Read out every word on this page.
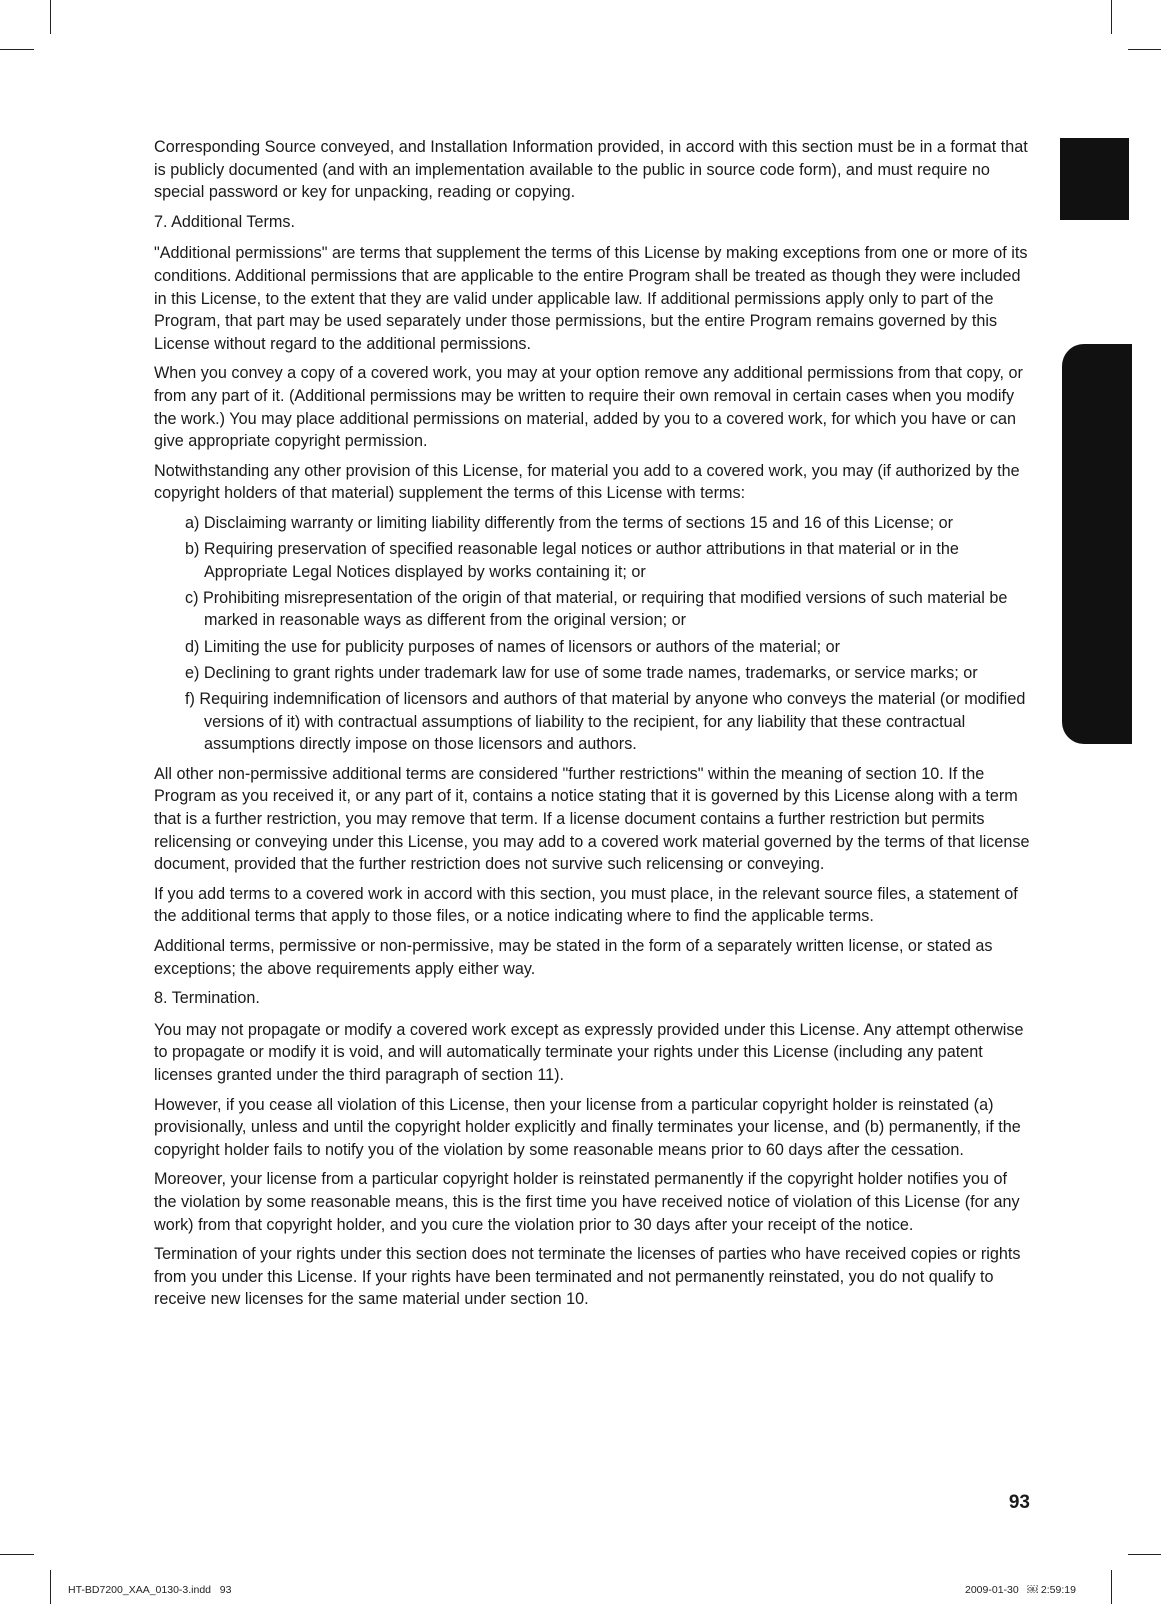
Corresponding Source conveyed, and Installation Information provided, in accord with this section must be in a format that is publicly documented (and with an implementation available to the public in source code form), and must require no special password or key for unpacking, reading or copying.

7. Additional Terms.

"Additional permissions" are terms that supplement the terms of this License by making exceptions from one or more of its conditions. Additional permissions that are applicable to the entire Program shall be treated as though they were included in this License, to the extent that they are valid under applicable law. If additional permissions apply only to part of the Program, that part may be used separately under those permissions, but the entire Program remains governed by this License without regard to the additional permissions.

When you convey a copy of a covered work, you may at your option remove any additional permissions from that copy, or from any part of it. (Additional permissions may be written to require their own removal in certain cases when you modify the work.) You may place additional permissions on material, added by you to a covered work, for which you have or can give appropriate copyright permission.

Notwithstanding any other provision of this License, for material you add to a covered work, you may (if authorized by the copyright holders of that material) supplement the terms of this License with terms:

a) Disclaiming warranty or limiting liability differently from the terms of sections 15 and 16 of this License; or
b) Requiring preservation of specified reasonable legal notices or author attributions in that material or in the Appropriate Legal Notices displayed by works containing it; or
c) Prohibiting misrepresentation of the origin of that material, or requiring that modified versions of such material be marked in reasonable ways as different from the original version; or
d) Limiting the use for publicity purposes of names of licensors or authors of the material; or
e) Declining to grant rights under trademark law for use of some trade names, trademarks, or service marks; or
f) Requiring indemnification of licensors and authors of that material by anyone who conveys the material (or modified versions of it) with contractual assumptions of liability to the recipient, for any liability that these contractual assumptions directly impose on those licensors and authors.

All other non-permissive additional terms are considered "further restrictions" within the meaning of section 10. If the Program as you received it, or any part of it, contains a notice stating that it is governed by this License along with a term that is a further restriction, you may remove that term. If a license document contains a further restriction but permits relicensing or conveying under this License, you may add to a covered work material governed by the terms of that license document, provided that the further restriction does not survive such relicensing or conveying.

If you add terms to a covered work in accord with this section, you must place, in the relevant source files, a statement of the additional terms that apply to those files, or a notice indicating where to find the applicable terms.

Additional terms, permissive or non-permissive, may be stated in the form of a separately written license, or stated as exceptions; the above requirements apply either way.

8. Termination.

You may not propagate or modify a covered work except as expressly provided under this License. Any attempt otherwise to propagate or modify it is void, and will automatically terminate your rights under this License (including any patent licenses granted under the third paragraph of section 11).

However, if you cease all violation of this License, then your license from a particular copyright holder is reinstated (a) provisionally, unless and until the copyright holder explicitly and finally terminates your license, and (b) permanently, if the copyright holder fails to notify you of the violation by some reasonable means prior to 60 days after the cessation.

Moreover, your license from a particular copyright holder is reinstated permanently if the copyright holder notifies you of the violation by some reasonable means, this is the first time you have received notice of violation of this License (for any work) from that copyright holder, and you cure the violation prior to 30 days after your receipt of the notice.

Termination of your rights under this section does not terminate the licenses of parties who have received copies or rights from you under this License. If your rights have been terminated and not permanently reinstated, you do not qualify to receive new licenses for the same material under section 10.

93
HT-BD7200_XAA_0130-3.indd   93	2009-01-30   ￼ 2:59:19
